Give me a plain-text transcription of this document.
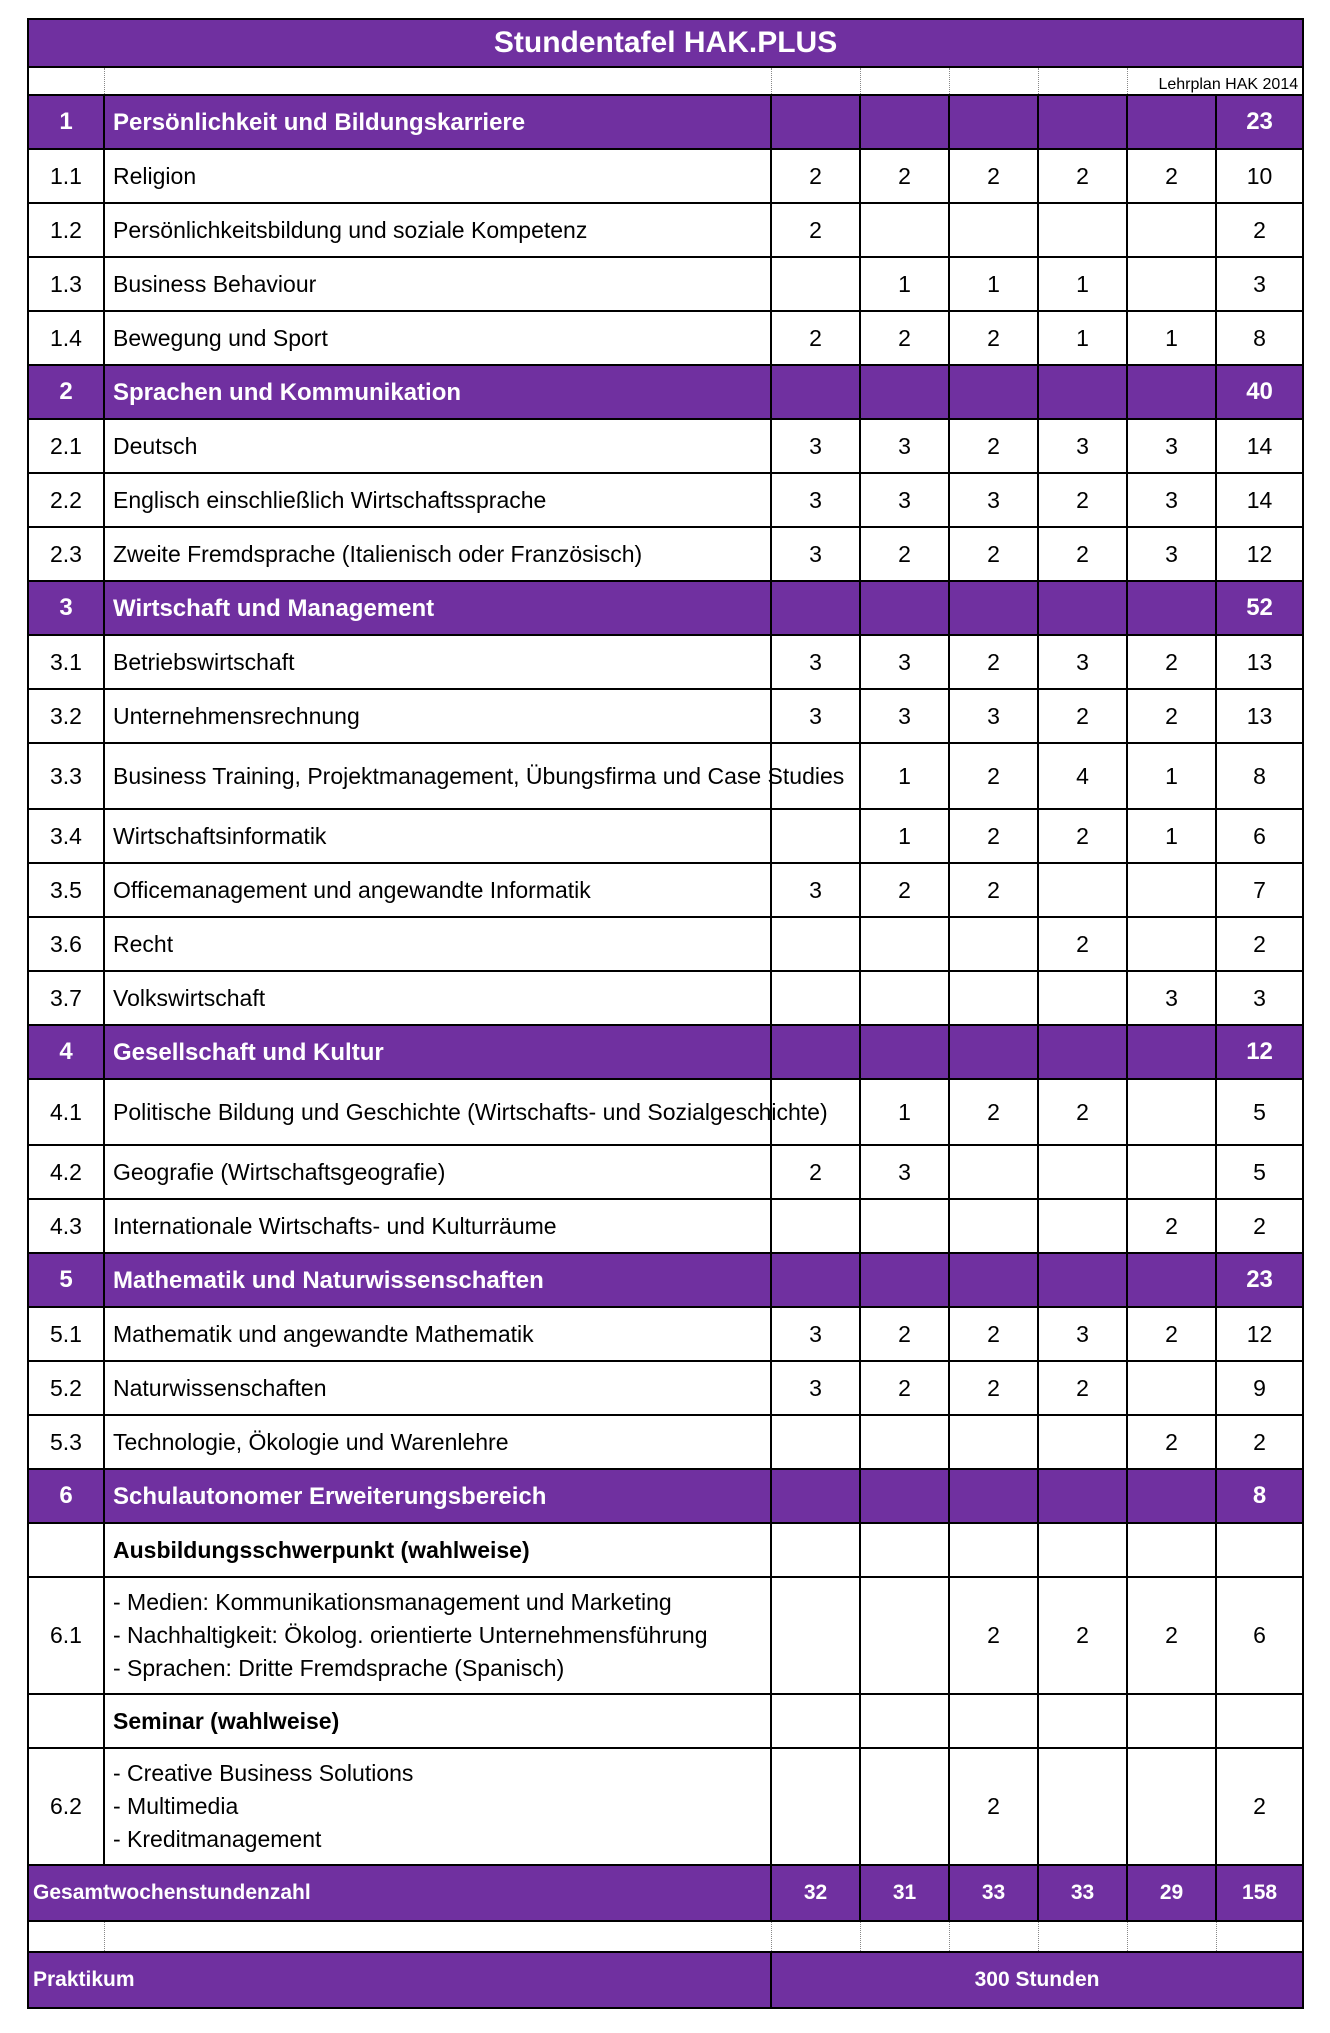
Stundentafel HAK.PLUS							
						Lehrplan HAK 2014	
1	Persönlichkeit und Bildungskarriere						23
1.1	Religion	2	2	2	2	2	10
1.2	Persönlichkeitsbildung und soziale Kompetenz	2					2
1.3	Business Behaviour		1	1	1		3
1.4	Bewegung und Sport	2	2	2	1	1	8
2	Sprachen und Kommunikation						40
2.1	Deutsch	3	3	2	3	3	14
2.2	Englisch einschließlich Wirtschaftssprache	3	3	3	2	3	14
2.3	Zweite Fremdsprache (Italienisch oder Französisch)	3	2	2	2	3	12
3	Wirtschaft und Management						52
3.1	Betriebswirtschaft	3	3	2	3	2	13
3.2	Unternehmensrechnung	3	3	3	2	2	13
3.3	Business Training, Projektmanagement, Übungsfirma und Case Studies		1	2	4	1	8
3.4	Wirtschaftsinformatik		1	2	2	1	6
3.5	Officemanagement und angewandte Informatik	3	2	2			7
3.6	Recht				2		2
3.7	Volkswirtschaft					3	3
4	Gesellschaft und Kultur						12
4.1	Politische Bildung und Geschichte (Wirtschafts- und Sozialgeschichte)		1	2	2		5
4.2	Geografie (Wirtschaftsgeografie)	2	3				5
4.3	Internationale Wirtschafts- und Kulturräume					2	2
5	Mathematik und Naturwissenschaften						23
5.1	Mathematik und angewandte Mathematik	3	2	2	3	2	12
5.2	Naturwissenschaften	3	2	2	2		9
5.3	Technologie, Ökologie und Warenlehre					2	2
6	Schulautonomer Erweiterungsbereich						8
	Ausbildungsschwerpunkt (wahlweise)						
6.1	- Medien: Kommunikationsmanagement und Marketing
- Nachhaltigkeit: Ökolog. orientierte Unternehmensführung
- Sprachen: Dritte Fremdsprache (Spanisch)			2	2	2	6
	Seminar (wahlweise)						
6.2	- Creative Business Solutions
- Multimedia
- Kreditmanagement			2			2
Gesamtwochenstundenzahl		32	31	33	33	29	158

Praktikum		300 Stunden					
